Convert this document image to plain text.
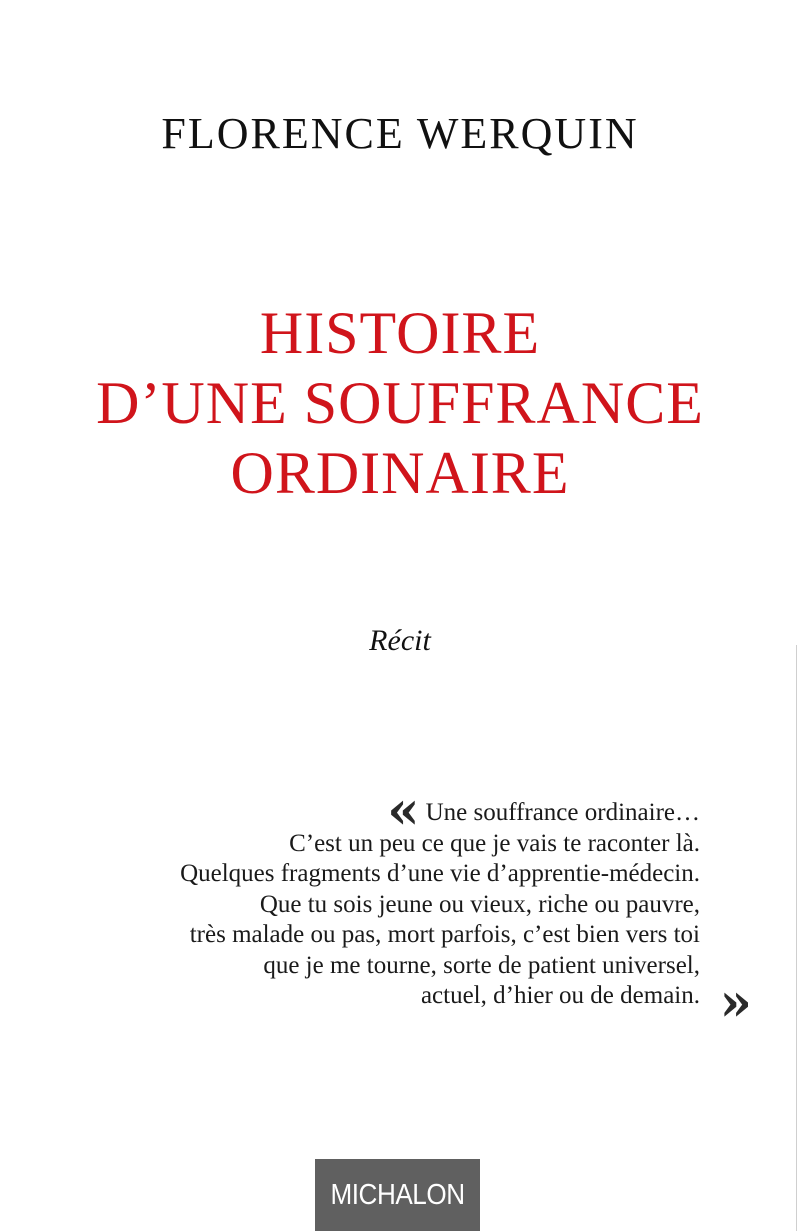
FLORENCE WERQUIN
HISTOIRE
D’UNE SOUFFRANCE
ORDINAIRE
Récit
« Une souffrance ordinaire…
C’est un peu ce que je vais te raconter là.
Quelques fragments d’une vie d’apprentie-médecin.
Que tu sois jeune ou vieux, riche ou pauvre,
très malade ou pas, mort parfois, c’est bien vers toi
que je me tourne, sorte de patient universel,
actuel, d’hier ou de demain. »
MICHALON
